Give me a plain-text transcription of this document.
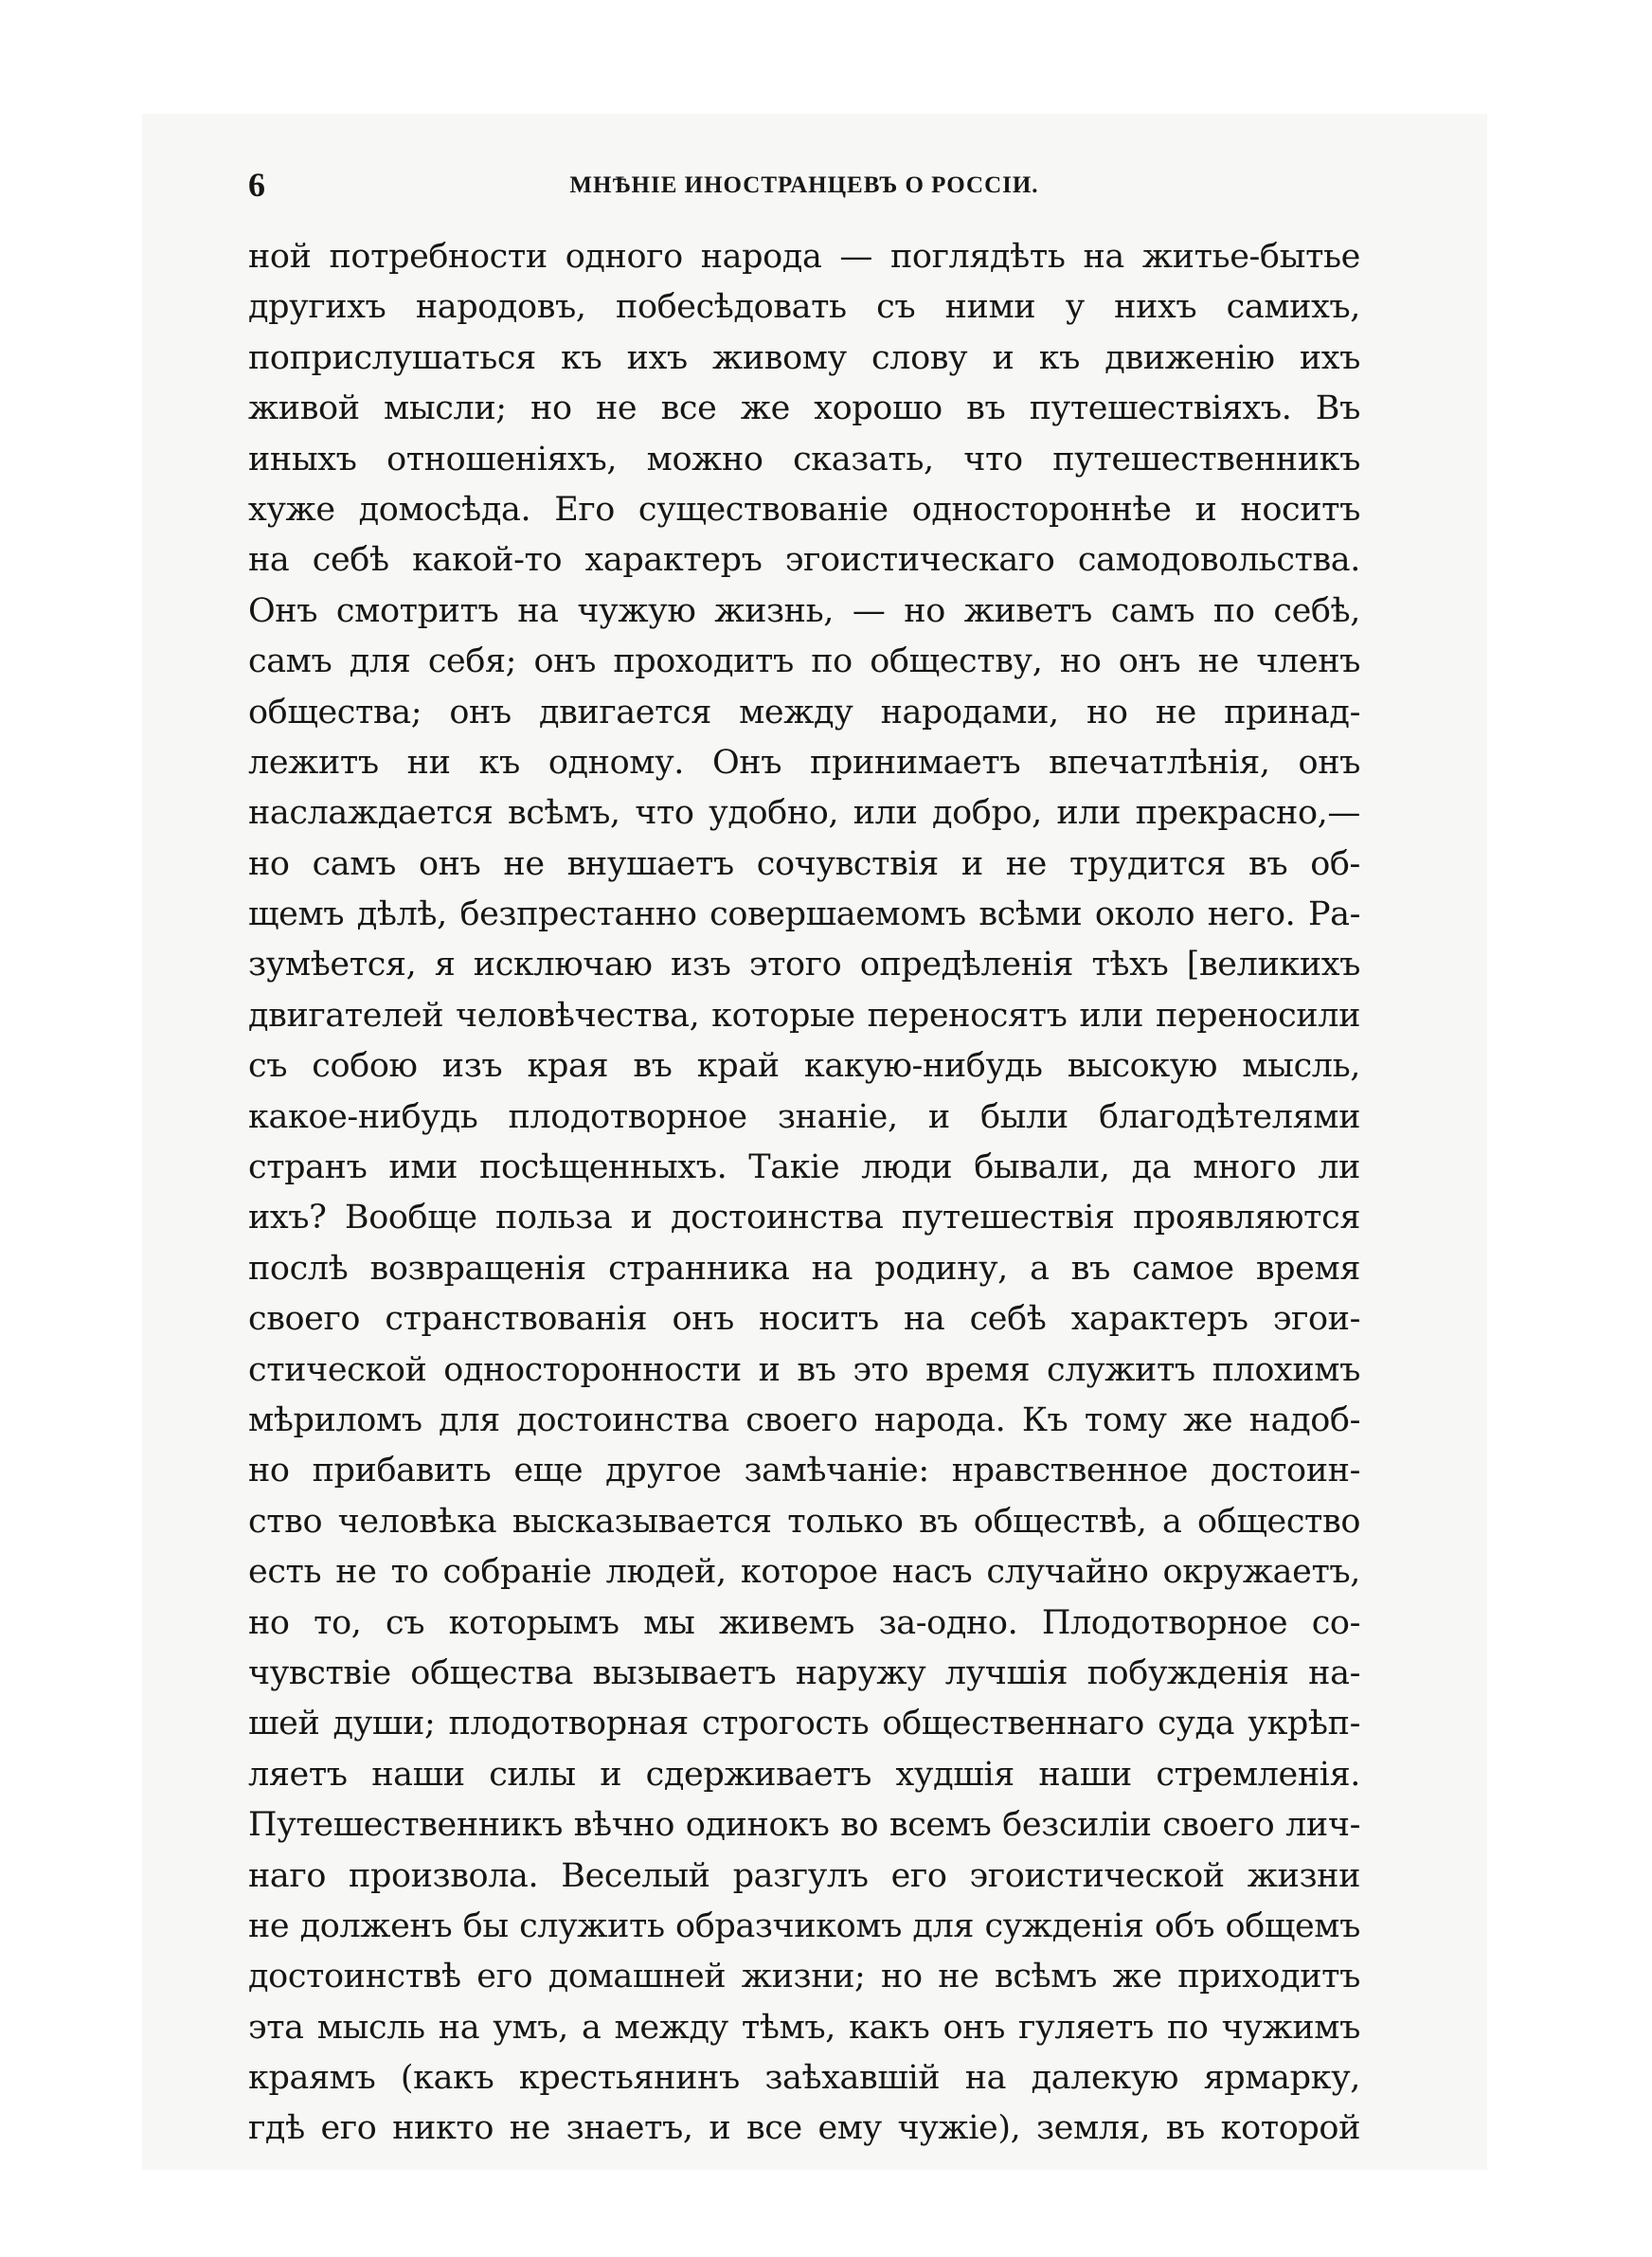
6	МНѢНІЕ ИНОСТРАНЦЕВЪ О РОССІИ.
ной потребности одного народа — поглядѣть на житье-бытье
другихъ народовъ, побесѣдовать съ ними у нихъ самихъ,
поприслушаться къ ихъ живому слову и къ движенію ихъ
живой мысли; но не все же хорошо въ путешествіяхъ. Въ
иныхъ отношеніяхъ, можно сказать, что путешественникъ
хуже домосѣда. Его существованіе одностороннѣе и носитъ
на себѣ какой-то характеръ эгоистическаго самодовольства.
Онъ смотритъ на чужую жизнь, — но живетъ самъ по себѣ,
самъ для себя; онъ проходитъ по обществу, но онъ не членъ
общества; онъ двигается между народами, но не принад-
лежитъ ни къ одному. Онъ принимаетъ впечатлѣнія, онъ
наслаждается всѣмъ, что удобно, или добро, или прекрасно,—
но самъ онъ не внушаетъ сочувствія и не трудится въ об-
щемъ дѣлѣ, безпрестанно совершаемомъ всѣми около него. Ра-
зумѣется, я исключаю изъ этого опредѣленія тѣхъ [великихъ
двигателей человѣчества, которые переносятъ или переносили
съ собою изъ края въ край какую-нибудь высокую мысль,
какое-нибудь плодотворное знаніе, и были благодѣтелями
странъ ими посѣщенныхъ. Такіе люди бывали, да много ли
ихъ? Вообще польза и достоинства путешествія проявляются
послѣ возвращенія странника на родину, а въ самое время
своего странствованія онъ носитъ на себѣ характеръ эгои-
стической односторонности и въ это время служитъ плохимъ
мѣриломъ для достоинства своего народа. Къ тому же надоб-
но прибавить еще другое замѣчаніе: нравственное достоин-
ство человѣка высказывается только въ обществѣ, а общество
есть не то собраніе людей, которое насъ случайно окружаетъ,
но то, съ которымъ мы живемъ за-одно. Плодотворное со-
чувствіе общества вызываетъ наружу лучшія побужденія на-
шей души; плодотворная строгость общественнаго суда укрѣп-
ляетъ наши силы и сдерживаетъ худшія наши стремленія.
Путешественникъ вѣчно одинокъ во всемъ безсиліи своего лич-
наго произвола. Веселый разгулъ его эгоистической жизни
не долженъ бы служить образчикомъ для сужденія объ общемъ
достоинствѣ его домашней жизни; но не всѣмъ же приходитъ
эта мысль на умъ, а между тѣмъ, какъ онъ гуляетъ по чужимъ
краямъ (какъ крестьянинъ заѣхавшій на далекую ярмарку,
гдѣ его никто не знаетъ, и все ему чужіе), земля, въ которой
